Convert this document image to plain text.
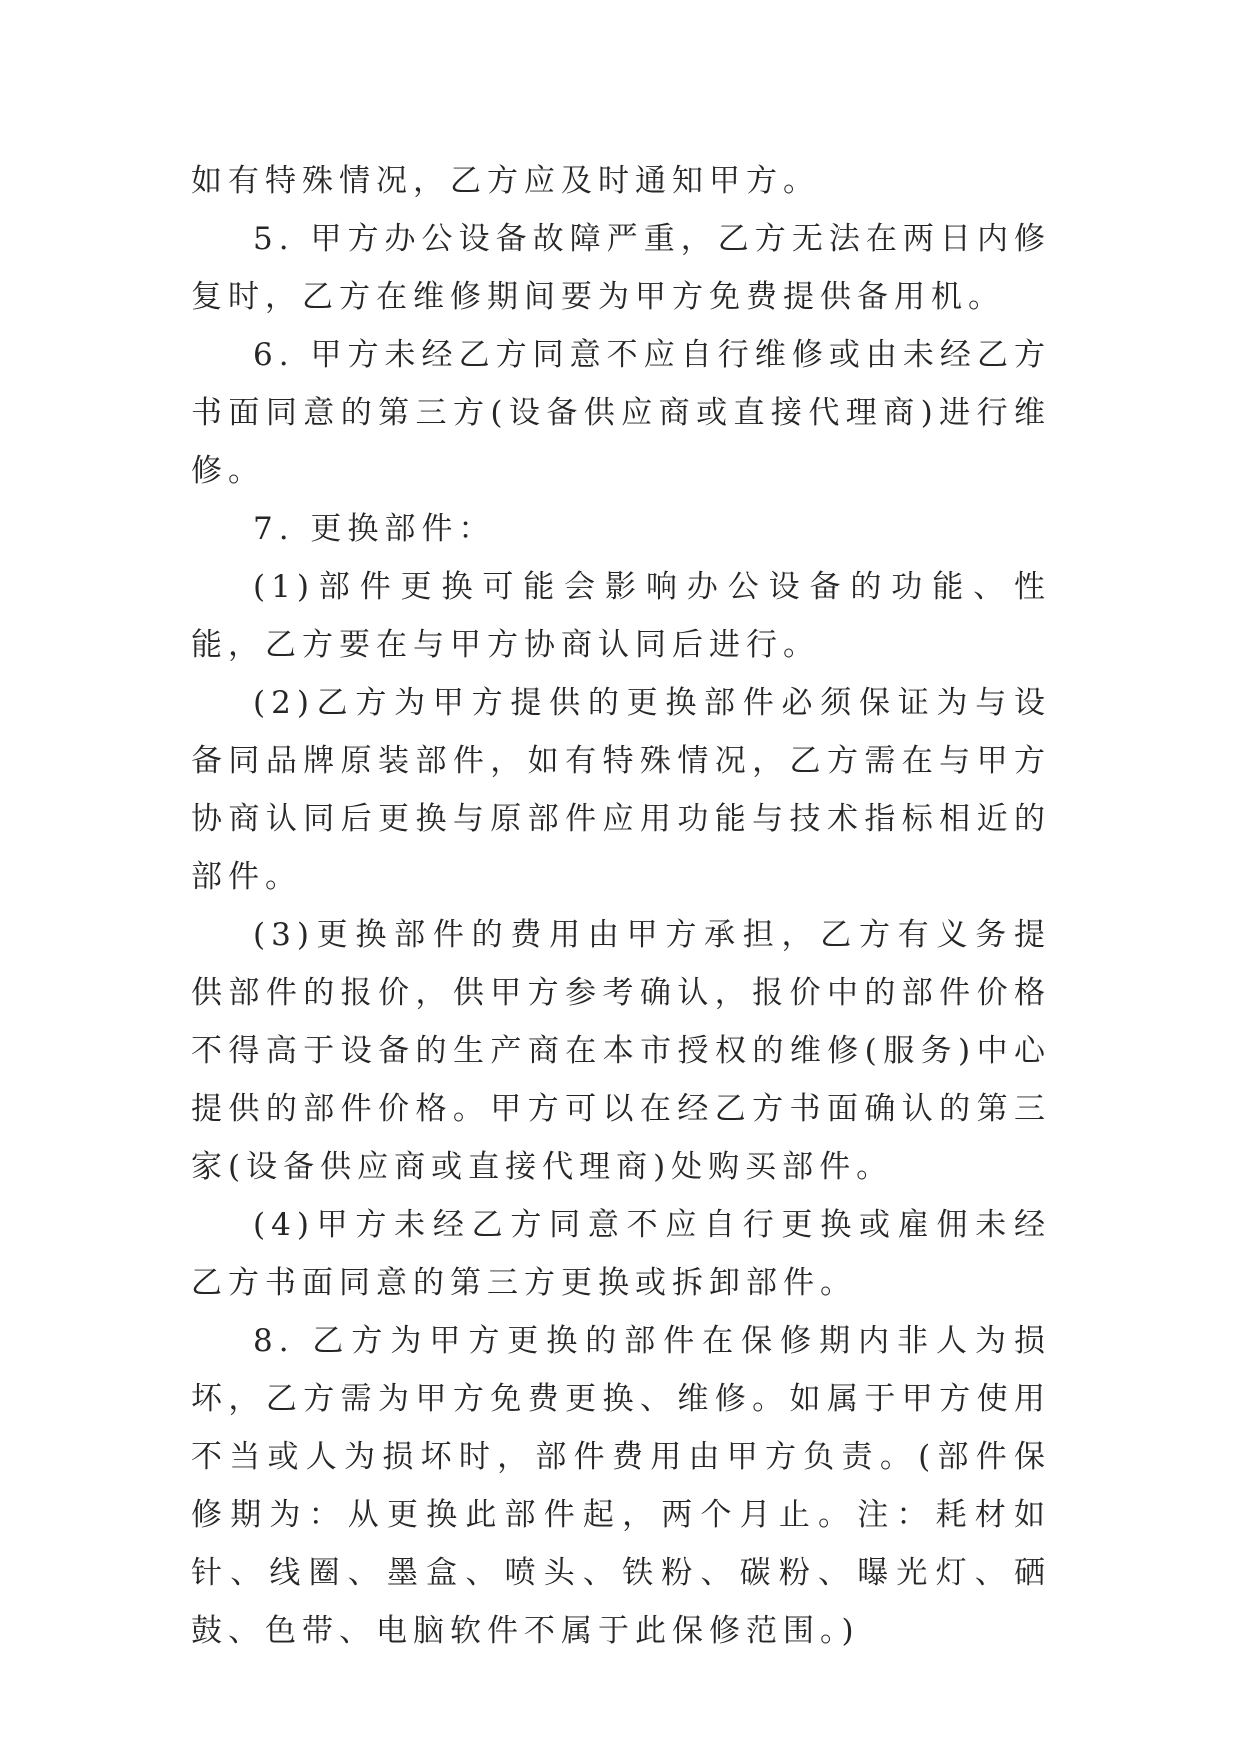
如有特殊情况，乙方应及时通知甲方。

5. 甲方办公设备故障严重，乙方无法在两日内修复时，乙方在维修期间要为甲方免费提供备用机。

6. 甲方未经乙方同意不应自行维修或由未经乙方书面同意的第三方(设备供应商或直接代理商)进行维修。

7. 更换部件：

(1)部件更换可能会影响办公设备的功能、性能，乙方要在与甲方协商认同后进行。

(2)乙方为甲方提供的更换部件必须保证为与设备同品牌原装部件，如有特殊情况，乙方需在与甲方协商认同后更换与原部件应用功能与技术指标相近的部件。

(3)更换部件的费用由甲方承担，乙方有义务提供部件的报价，供甲方参考确认，报价中的部件价格不得高于设备的生产商在本市授权的维修(服务)中心提供的部件价格。甲方可以在经乙方书面确认的第三家(设备供应商或直接代理商)处购买部件。

(4)甲方未经乙方同意不应自行更换或雇佣未经乙方书面同意的第三方更换或拆卸部件。

8. 乙方为甲方更换的部件在保修期内非人为损坏，乙方需为甲方免费更换、维修。如属于甲方使用不当或人为损坏时，部件费用由甲方负责。(部件保修期为：从更换此部件起，两个月止。注：耗材如针、线圈、墨盒、喷头、铁粉、碳粉、曝光灯、硒鼓、色带、电脑软件不属于此保修范围。)
